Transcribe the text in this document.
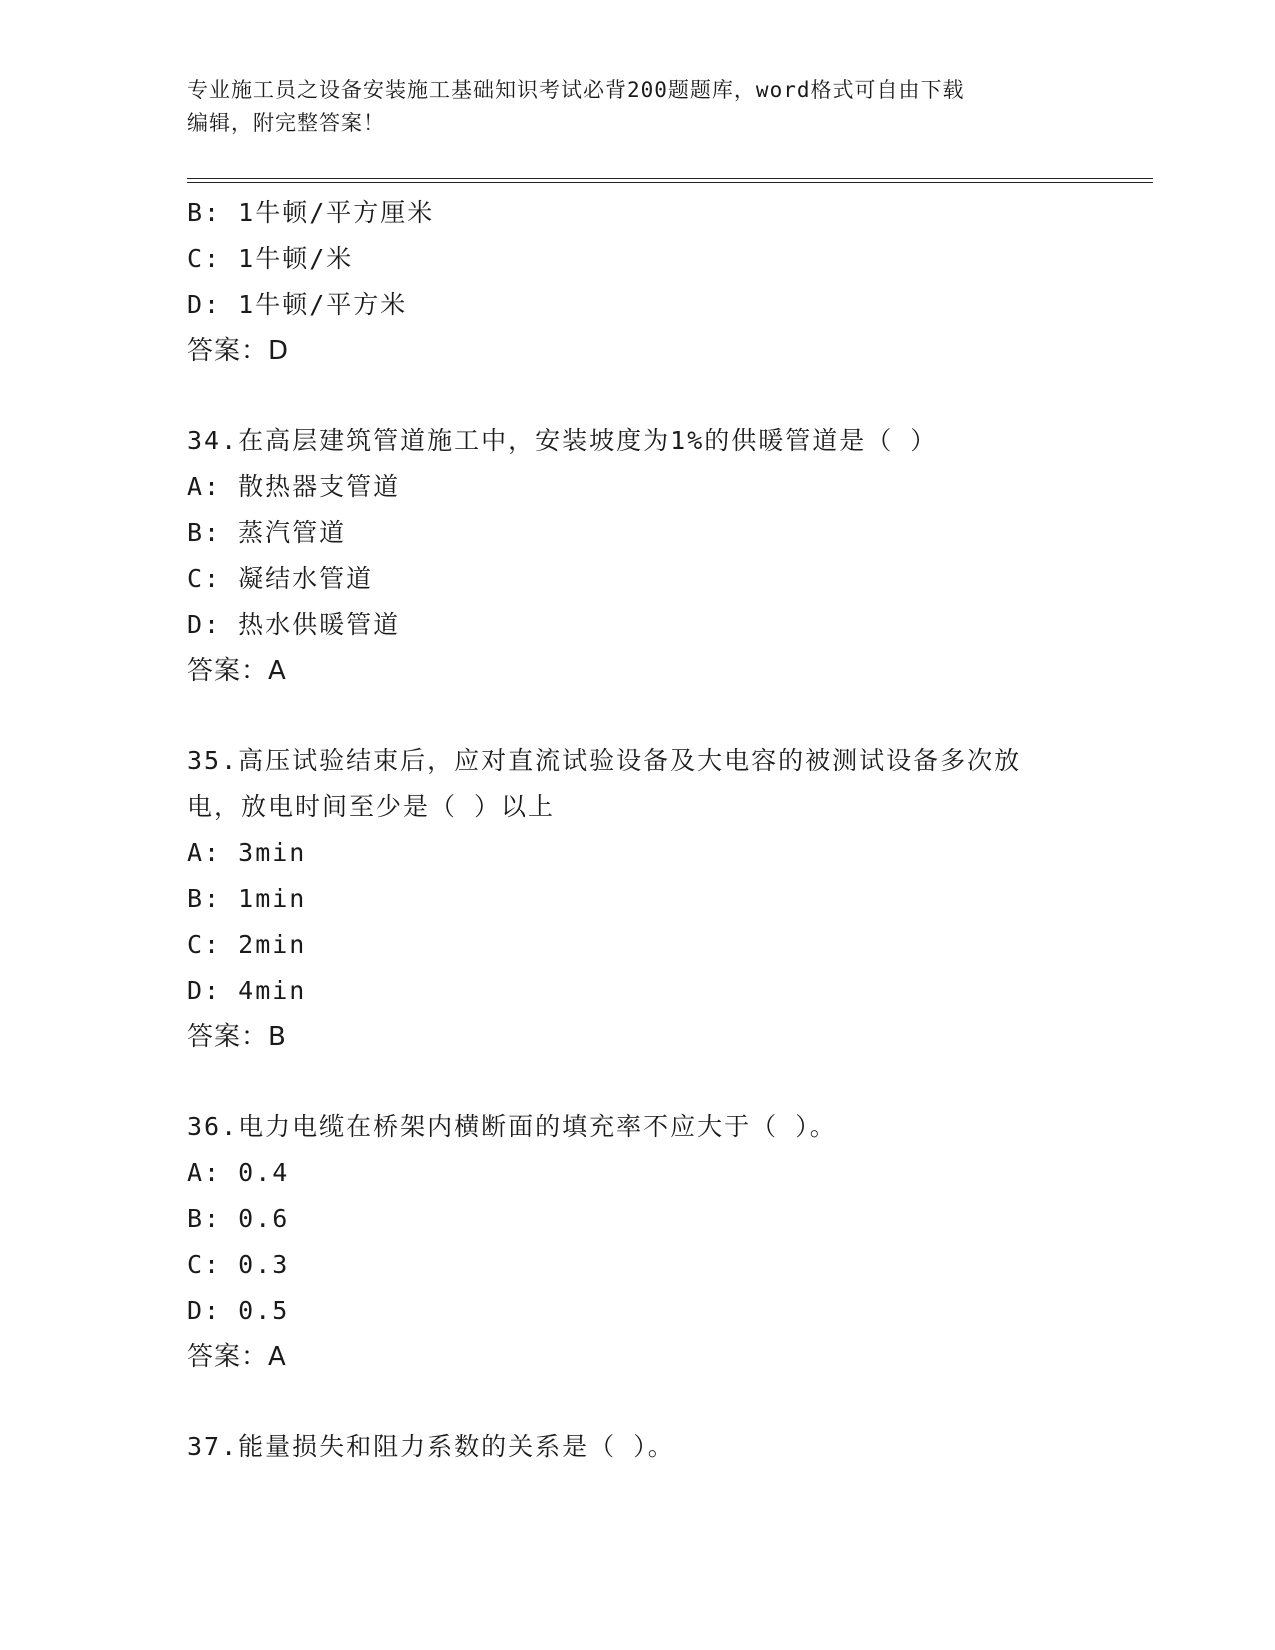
专业施工员之设备安装施工基础知识考试必背200题题库，word格式可自由下载
编辑，附完整答案！
B: 1牛顿/平方厘米
C: 1牛顿/米
D: 1牛顿/平方米
答案：D
34.在高层建筑管道施工中，安装坡度为1%的供暖管道是（ ）
A: 散热器支管道
B: 蒸汽管道
C: 凝结水管道
D: 热水供暖管道
答案：A
35.高压试验结束后，应对直流试验设备及大电容的被测试设备多次放
电，放电时间至少是（ ）以上
A: 3min
B: 1min
C: 2min
D: 4min
答案：B
36.电力电缆在桥架内横断面的填充率不应大于（ ）。
A: 0.4
B: 0.6
C: 0.3
D: 0.5
答案：A
37.能量损失和阻力系数的关系是（ ）。
